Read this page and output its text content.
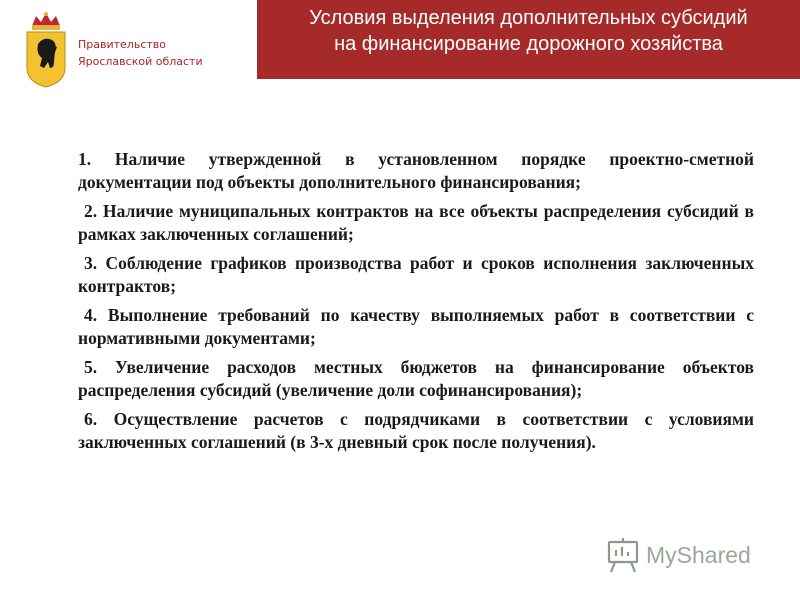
Правительство
Ярославской области
Условия выделения дополнительных субсидий
на финансирование дорожного хозяйства
1. Наличие утвержденной в установленном порядке проектно-сметной документации под объекты дополнительного финансирования;
2. Наличие муниципальных контрактов на все объекты распределения субсидий в рамках заключенных соглашений;
3. Соблюдение графиков производства работ и сроков исполнения заключенных контрактов;
4. Выполнение требований по качеству выполняемых работ в соответствии с нормативными документами;
5. Увеличение расходов местных бюджетов на финансирование объектов распределения субсидий (увеличение доли софинансирования);
6. Осуществление расчетов с подрядчиками в соответствии с условиями заключенных соглашений (в 3-х дневный срок после получения).
MyShared
